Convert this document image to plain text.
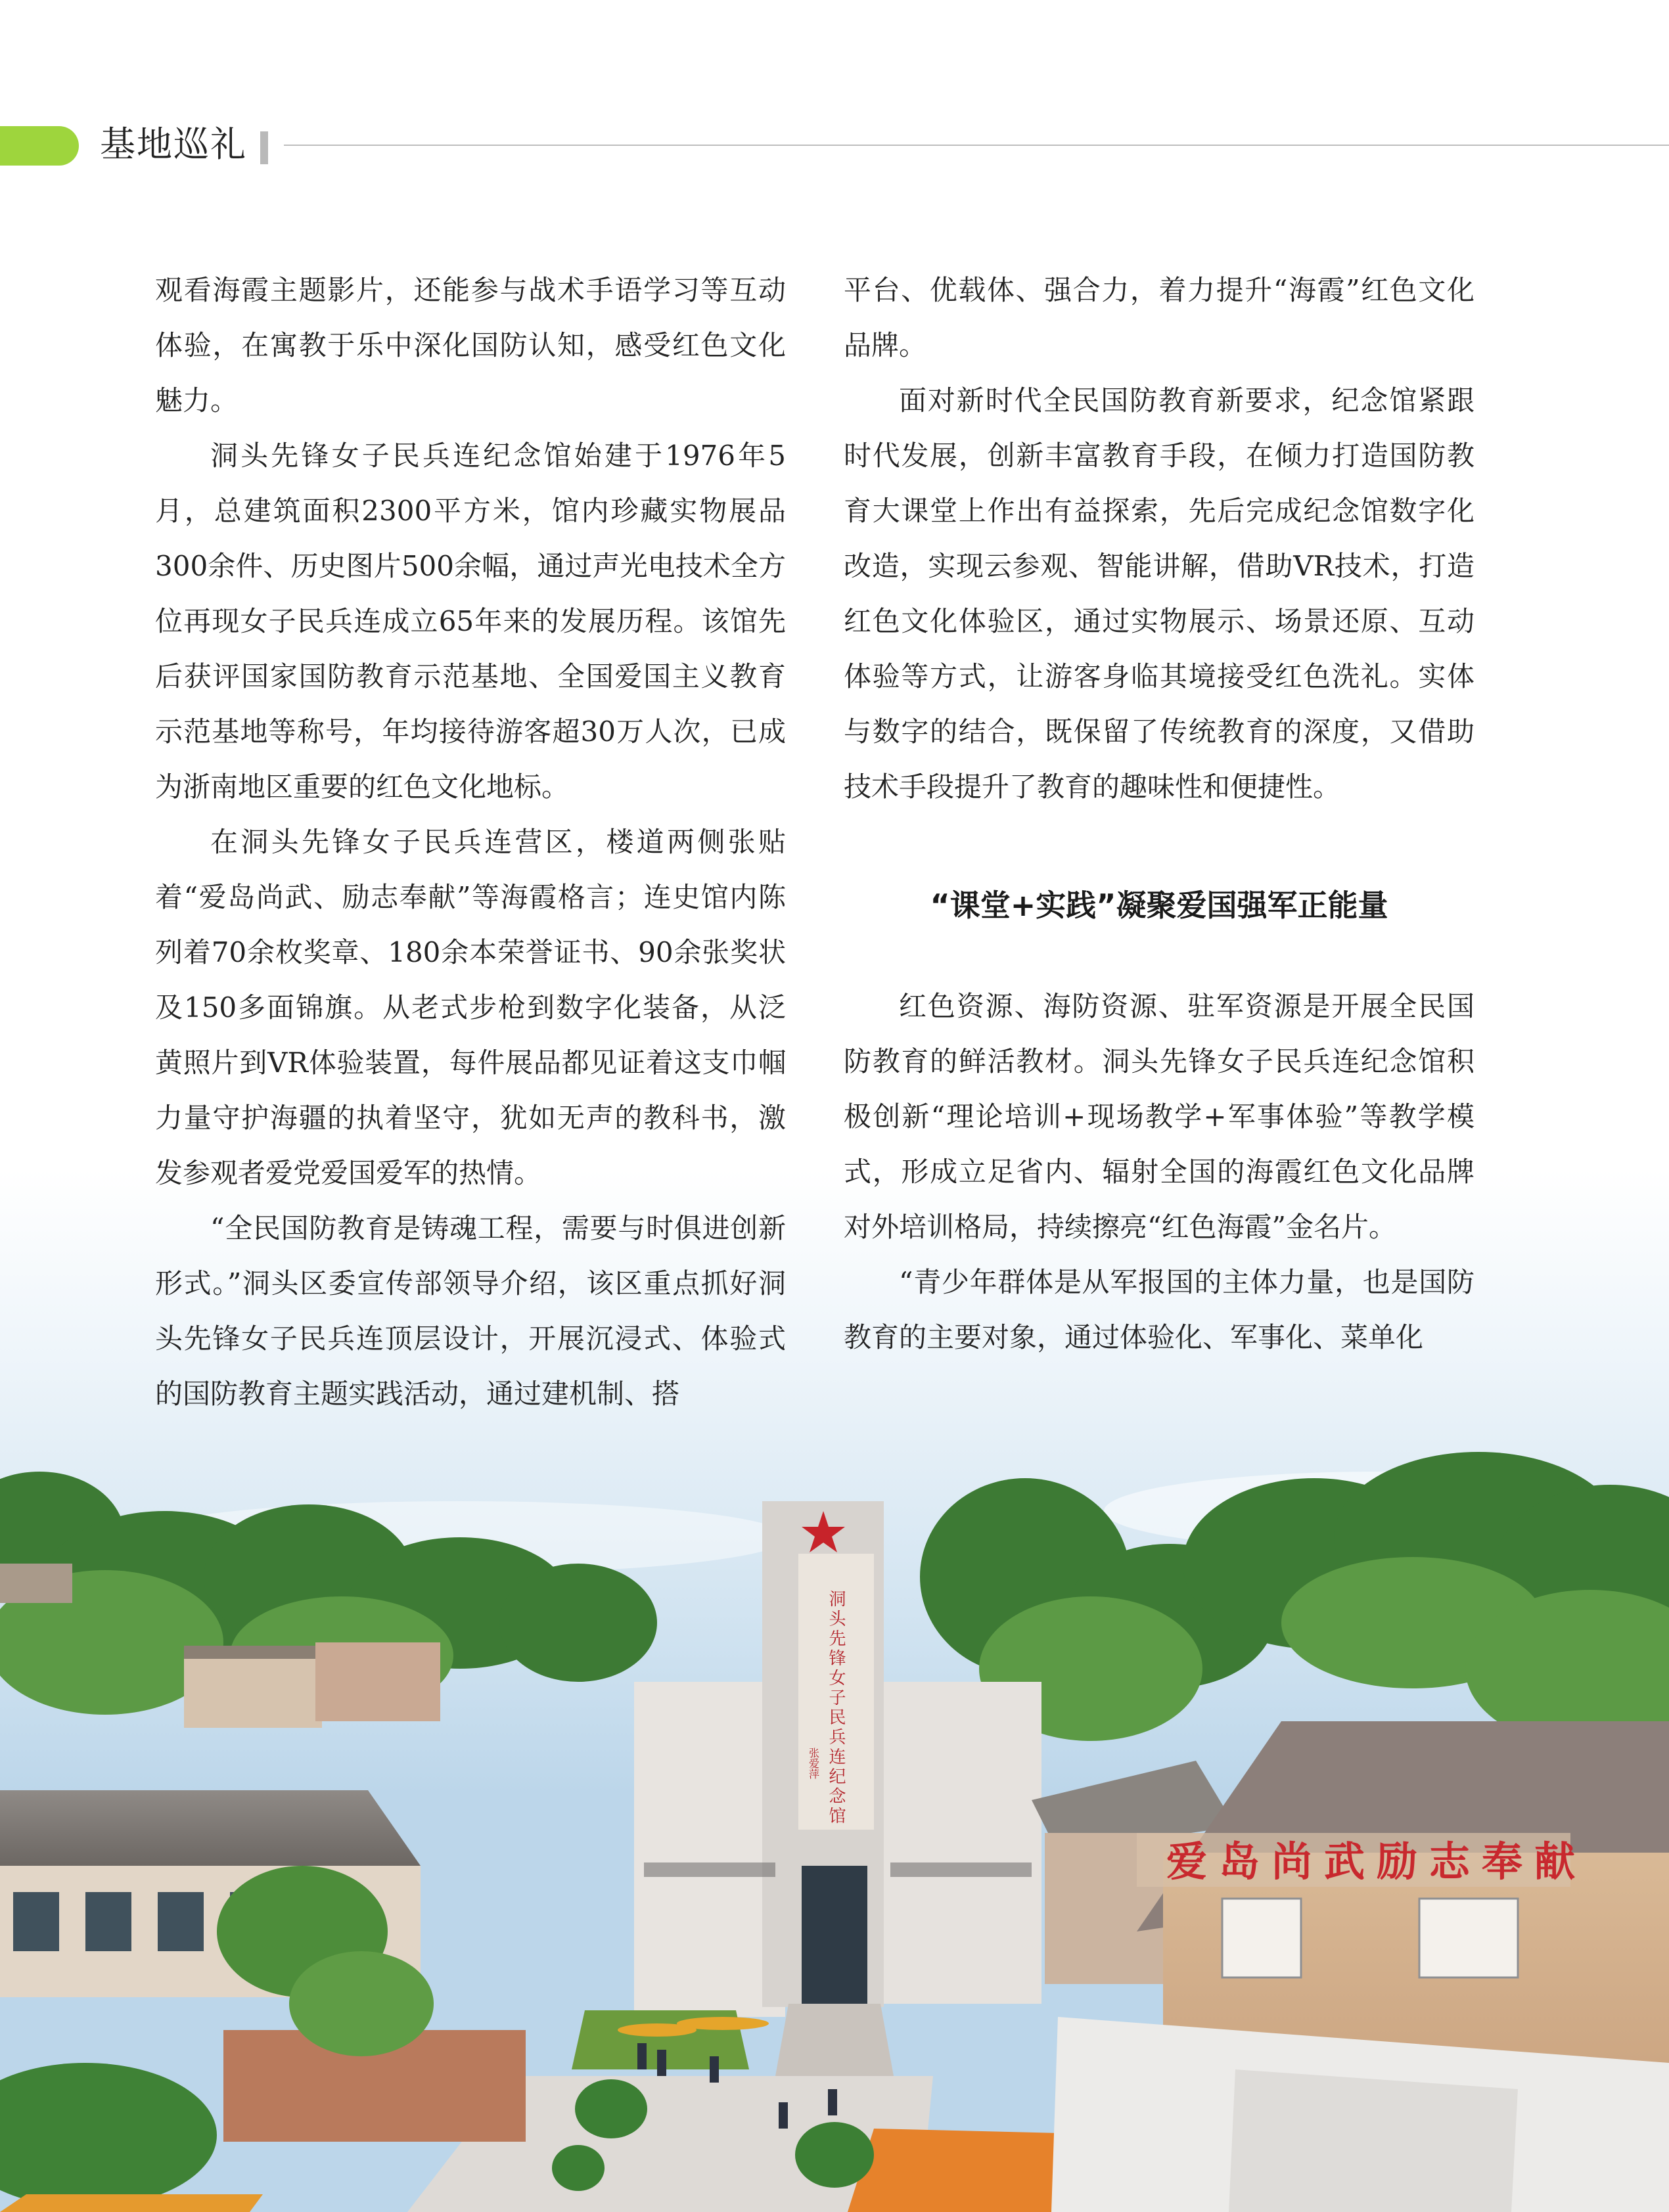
基地巡礼
洞头先锋女子民兵连纪念馆
张爱萍
爱岛尚武励志奉献

观看海霞主题影片，还能参与战术手语学习等互动体验，在寓教于乐中深化国防认知，感受红色文化魅力。

洞头先锋女子民兵连纪念馆始建于1976年5月，总建筑面积2300平方米，馆内珍藏实物展品300余件、历史图片500余幅，通过声光电技术全方位再现女子民兵连成立65年来的发展历程。该馆先后获评国家国防教育示范基地、全国爱国主义教育示范基地等称号，年均接待游客超30万人次，已成为浙南地区重要的红色文化地标。

在洞头先锋女子民兵连营区，楼道两侧张贴着“爱岛尚武、励志奉献”等海霞格言；连史馆内陈列着70余枚奖章、180余本荣誉证书、90余张奖状及150多面锦旗。从老式步枪到数字化装备，从泛黄照片到VR体验装置，每件展品都见证着这支巾帼力量守护海疆的执着坚守，犹如无声的教科书，激发参观者爱党爱国爱军的热情。

“全民国防教育是铸魂工程，需要与时俱进创新形式。”洞头区委宣传部领导介绍，该区重点抓好洞头先锋女子民兵连顶层设计，开展沉浸式、体验式的国防教育主题实践活动，通过建机制、搭

平台、优载体、强合力，着力提升“海霞”红色文化品牌。

面对新时代全民国防教育新要求，纪念馆紧跟时代发展，创新丰富教育手段，在倾力打造国防教育大课堂上作出有益探索，先后完成纪念馆数字化改造，实现云参观、智能讲解，借助VR技术，打造红色文化体验区，通过实物展示、场景还原、互动体验等方式，让游客身临其境接受红色洗礼。实体与数字的结合，既保留了传统教育的深度，又借助技术手段提升了教育的趣味性和便捷性。

“课堂+实践”凝聚爱国强军正能量

红色资源、海防资源、驻军资源是开展全民国防教育的鲜活教材。洞头先锋女子民兵连纪念馆积极创新“理论培训+现场教学+军事体验”等教学模式，形成立足省内、辐射全国的海霞红色文化品牌对外培训格局，持续擦亮“红色海霞”金名片。

“青少年群体是从军报国的主体力量，也是国防教育的主要对象，通过体验化、军事化、菜单化
